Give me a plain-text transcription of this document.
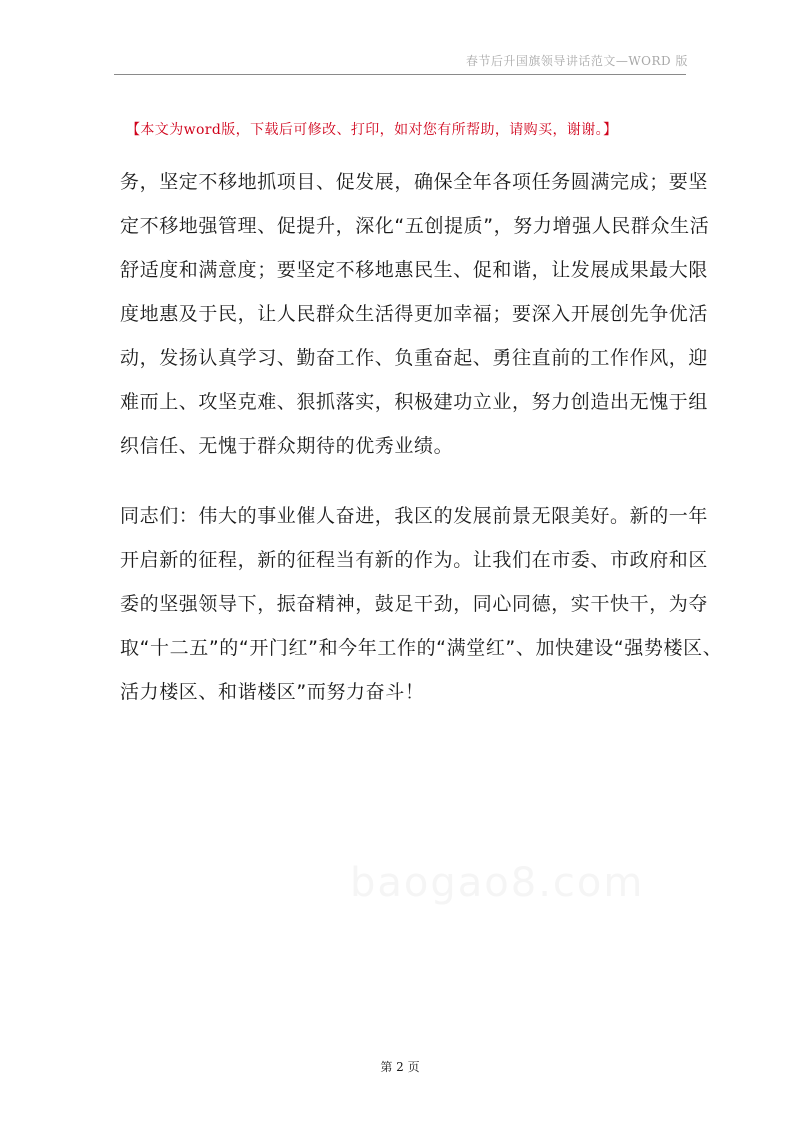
春节后升国旗领导讲话范文—WORD 版
【本文为word版，下载后可修改、打印，如对您有所帮助，请购买，谢谢。】
务，坚定不移地抓项目、促发展，确保全年各项任务圆满完成；要坚
定不移地强管理、促提升，深化“五创提质”，努力增强人民群众生活
舒适度和满意度；要坚定不移地惠民生、促和谐，让发展成果最大限
度地惠及于民，让人民群众生活得更加幸福；要深入开展创先争优活
动，发扬认真学习、勤奋工作、负重奋起、勇往直前的工作作风，迎
难而上、攻坚克难、狠抓落实，积极建功立业，努力创造出无愧于组
织信任、无愧于群众期待的优秀业绩。
同志们：伟大的事业催人奋进，我区的发展前景无限美好。新的一年
开启新的征程，新的征程当有新的作为。让我们在市委、市政府和区
委的坚强领导下，振奋精神，鼓足干劲，同心同德，实干快干，为夺
取“十二五”的“开门红”和今年工作的“满堂红”、加快建设“强势楼区、
活力楼区、和谐楼区”而努力奋斗！
baogao8.com
第 2 页
